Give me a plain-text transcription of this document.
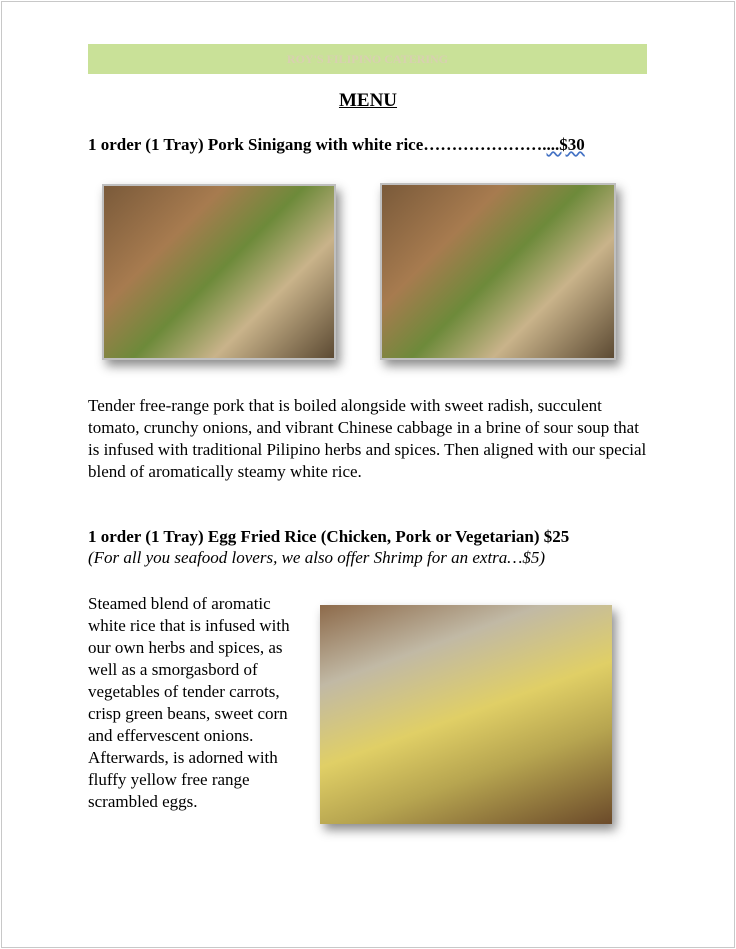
ROY'S FILIPINO CATERING
MENU
1 order (1 Tray) Pork Sinigang with white rice…………………....$30
Tender free-range pork that is boiled alongside with sweet radish, succulent tomato, crunchy onions, and vibrant Chinese cabbage in a brine of sour soup that is infused with traditional Pilipino herbs and spices. Then aligned with our special blend of aromatically steamy white rice.
1 order (1 Tray) Egg Fried Rice (Chicken, Pork or Vegetarian) $25
(For all you seafood lovers, we also offer Shrimp for an extra…$5)
Steamed blend of aromatic white rice that is infused with our own herbs and spices, as well as a smorgasbord of vegetables of tender carrots, crisp green beans, sweet corn and effervescent onions. Afterwards, is adorned with fluffy yellow free range scrambled eggs.
